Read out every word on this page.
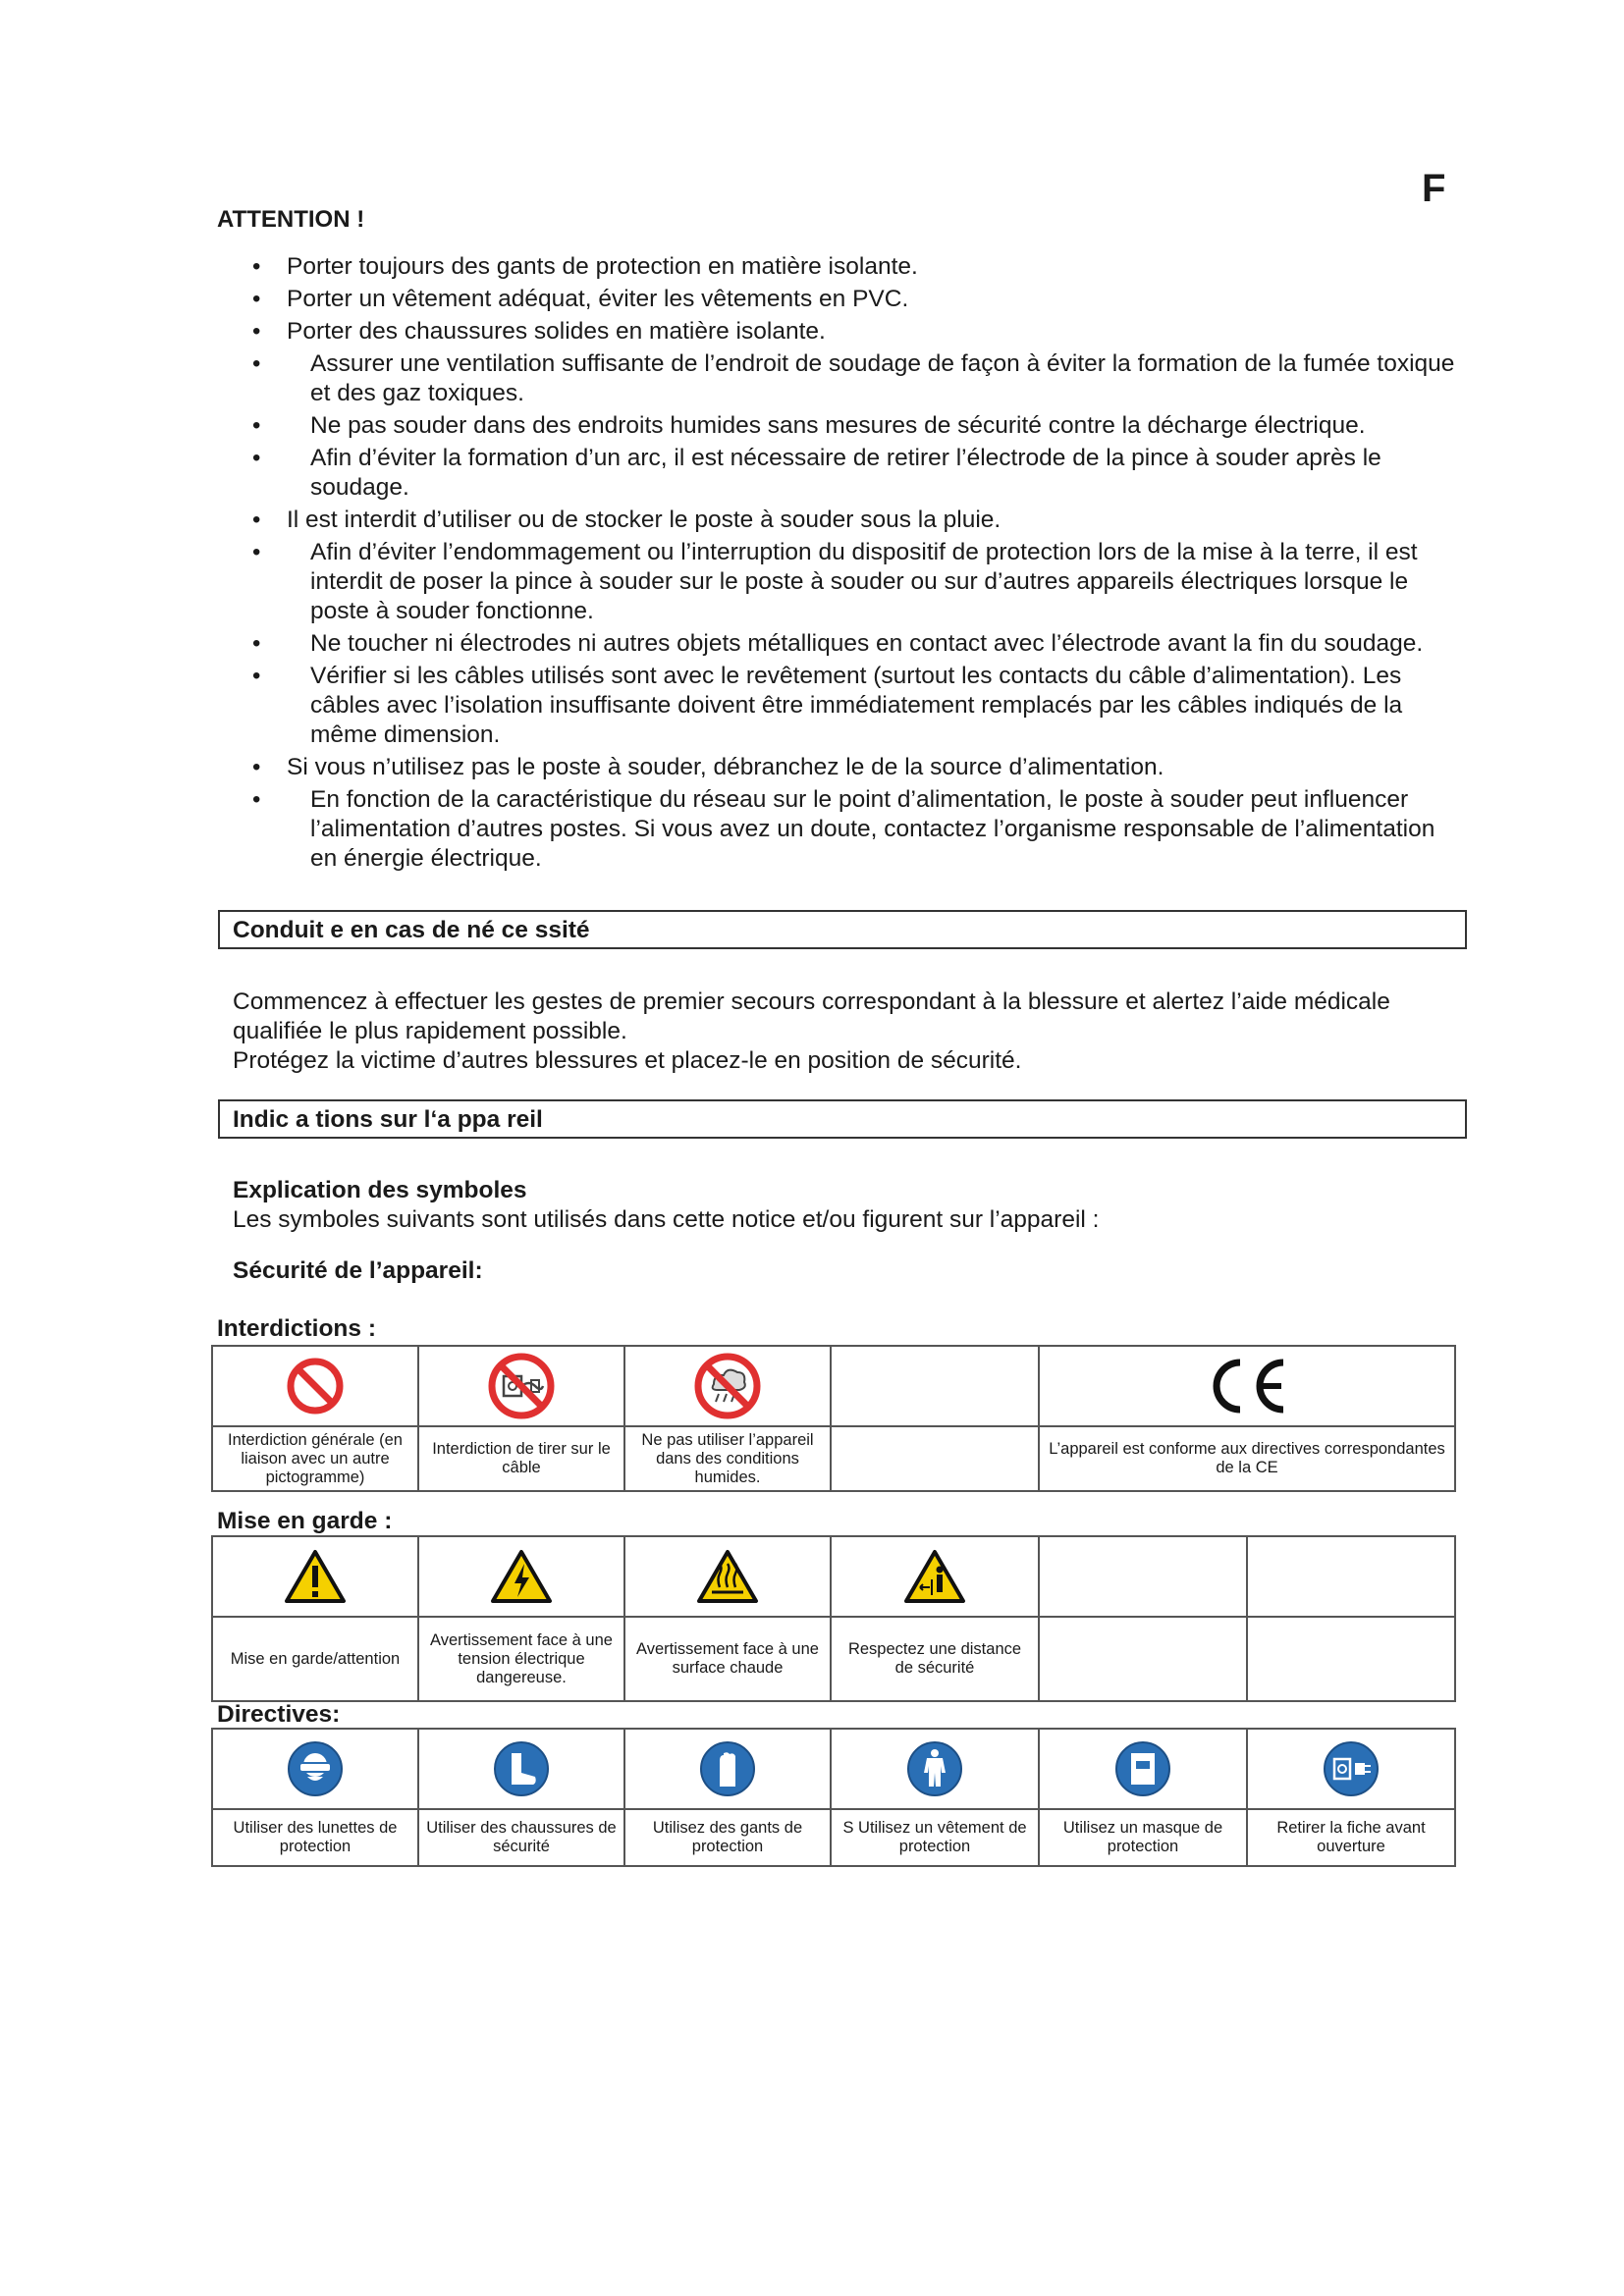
F
ATTENTION !
• Porter toujours des gants de protection en matière isolante.
• Porter un vêtement adéquat, éviter les vêtements en PVC.
• Porter des chaussures solides en matière isolante.
• Assurer une ventilation suffisante de l’endroit de soudage de façon à éviter la formation de la fumée toxique et des gaz toxiques.
• Ne pas souder dans des endroits humides sans mesures de sécurité contre la décharge électrique.
• Afin d’éviter la formation d’un arc, il est nécessaire de retirer l’électrode de la pince à souder après le soudage.
• Il est interdit d’utiliser ou de stocker le poste à souder sous la pluie.
• Afin d’éviter l’endommagement ou l’interruption du dispositif de protection lors de la mise à la terre, il est interdit de poser la pince à souder sur le poste à souder ou sur d’autres appareils électriques lorsque le poste à souder fonctionne.
• Ne toucher ni électrodes ni autres objets métalliques en contact avec l’électrode avant la fin du soudage.
• Vérifier si les câbles utilisés sont avec le revêtement (surtout les contacts du câble d’alimentation). Les câbles avec l’isolation insuffisante doivent être immédiatement remplacés par les câbles indiqués de la même dimension.
• Si vous n’utilisez pas le poste à souder, débranchez le de la source d’alimentation.
• En fonction de la caractéristique du réseau sur le point d’alimentation, le poste à souder peut influencer l’alimentation d’autres postes. Si vous avez un doute, contactez l’organisme responsable de l’alimentation en énergie électrique.
Conduit e en cas de né ce ssité
Commencez à effectuer les gestes de premier secours correspondant à la blessure et alertez l’aide médicale qualifiée le plus rapidement possible.
Protégez la victime d’autres blessures et placez-le en position de sécurité.
Indic a tions sur l‘a ppa reil
Explication des symboles
Les symboles suivants sont utilisés dans cette notice et/ou figurent sur l’appareil :
Sécurité de l’appareil:
Interdictions :

Interdiction générale (en liaison avec un autre pictogramme)	Interdiction de tirer sur le câble	Ne pas utiliser l’appareil dans des conditions humides.		L’appareil est conforme aux directives correspondantes de la CE
Mise en garde :

Mise en garde/attention	Avertissement face à une tension électrique dangereuse.	Avertissement face à une surface chaude	Respectez une distance de sécurité		
Directives:

Utiliser des lunettes de protection	Utiliser des chaussures de sécurité	Utilisez des gants de protection	S Utilisez un vêtement de protection	Utilisez un masque de protection	Retirer la fiche avant ouverture
